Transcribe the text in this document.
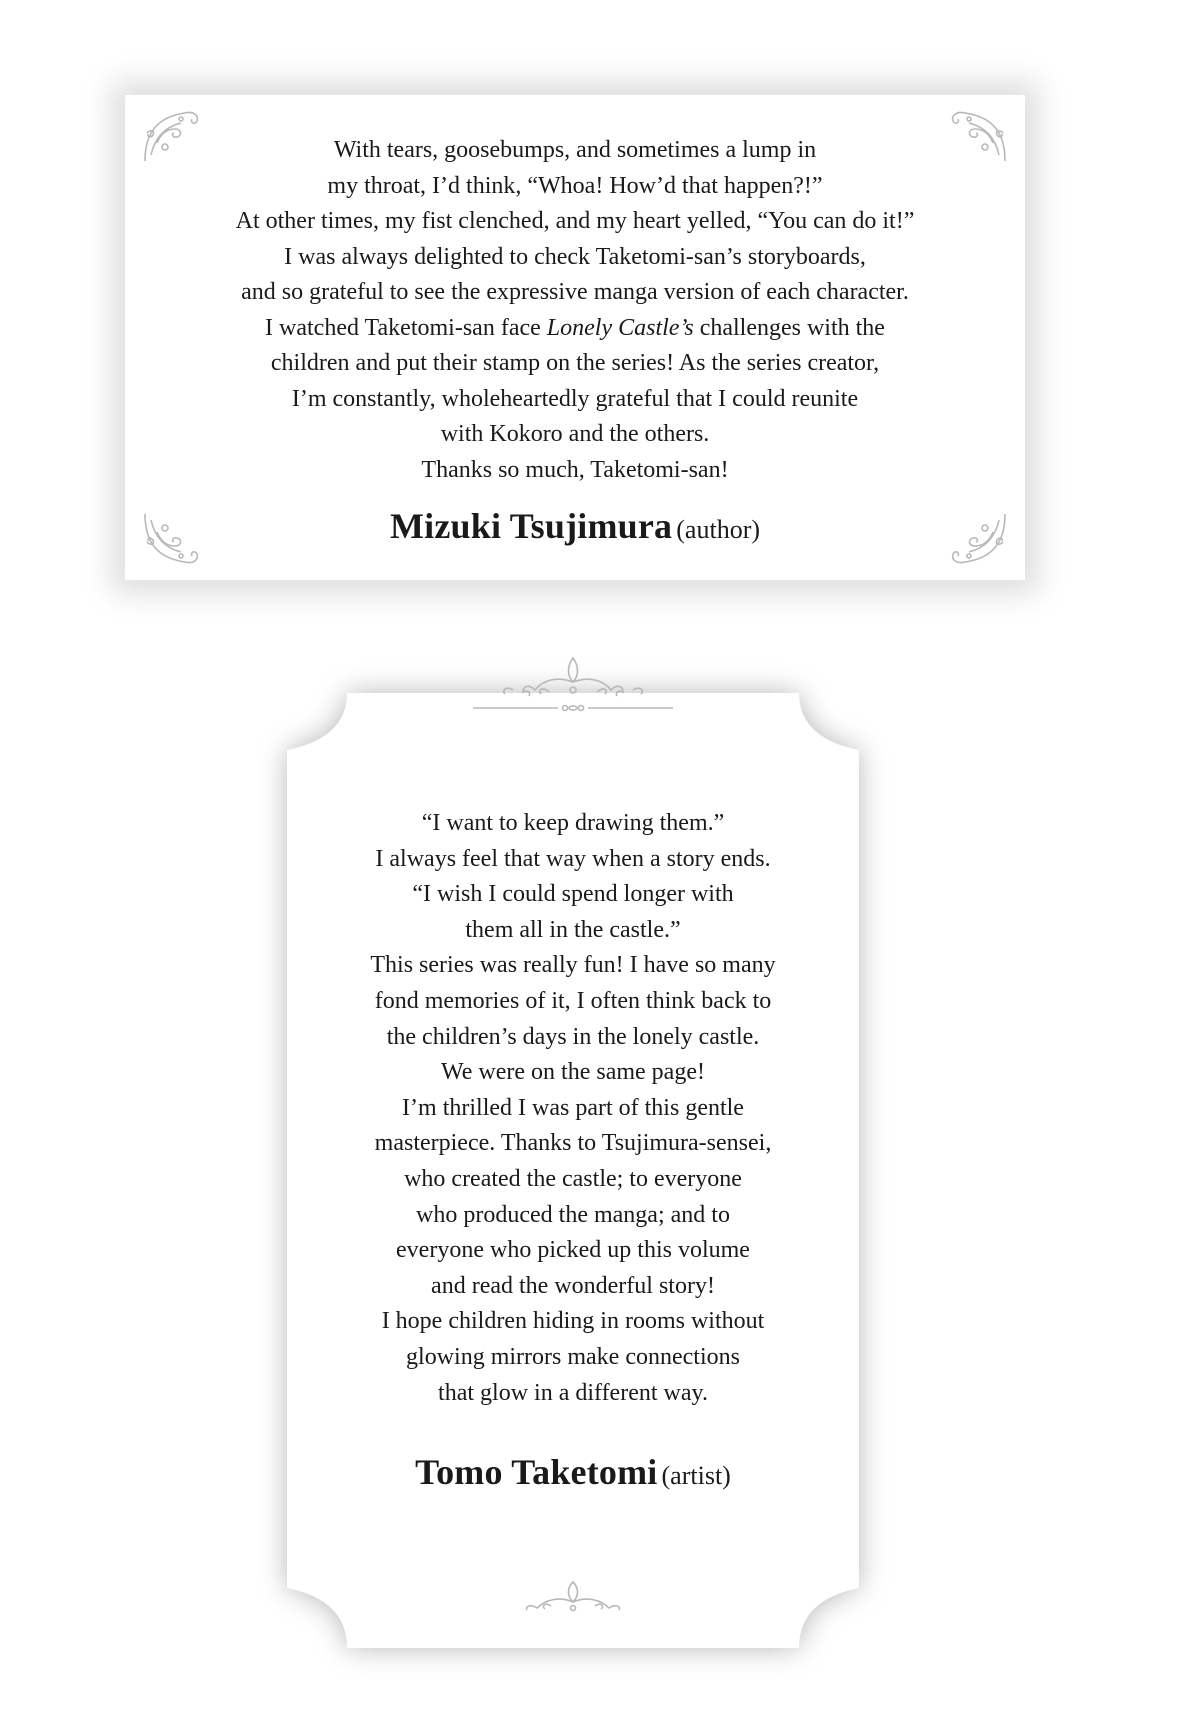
With tears, goosebumps, and sometimes a lump in
my throat, I’d think, “Whoa! How’d that happen?!”
At other times, my fist clenched, and my heart yelled, “You can do it!”
I was always delighted to check Taketomi-san’s storyboards,
and so grateful to see the expressive manga version of each character.
I watched Taketomi-san face Lonely Castle’s challenges with the
children and put their stamp on the series! As the series creator,
I’m constantly, wholeheartedly grateful that I could reunite
with Kokoro and the others.
Thanks so much, Taketomi-san!
Mizuki Tsujimura (author)
“I want to keep drawing them.”
I always feel that way when a story ends.
“I wish I could spend longer with
them all in the castle.”
This series was really fun! I have so many
fond memories of it, I often think back to
the children’s days in the lonely castle.
We were on the same page!
I’m thrilled I was part of this gentle
masterpiece. Thanks to Tsujimura-sensei,
who created the castle; to everyone
who produced the manga; and to
everyone who picked up this volume
and read the wonderful story!
I hope children hiding in rooms without
glowing mirrors make connections
that glow in a different way.
Tomo Taketomi (artist)
